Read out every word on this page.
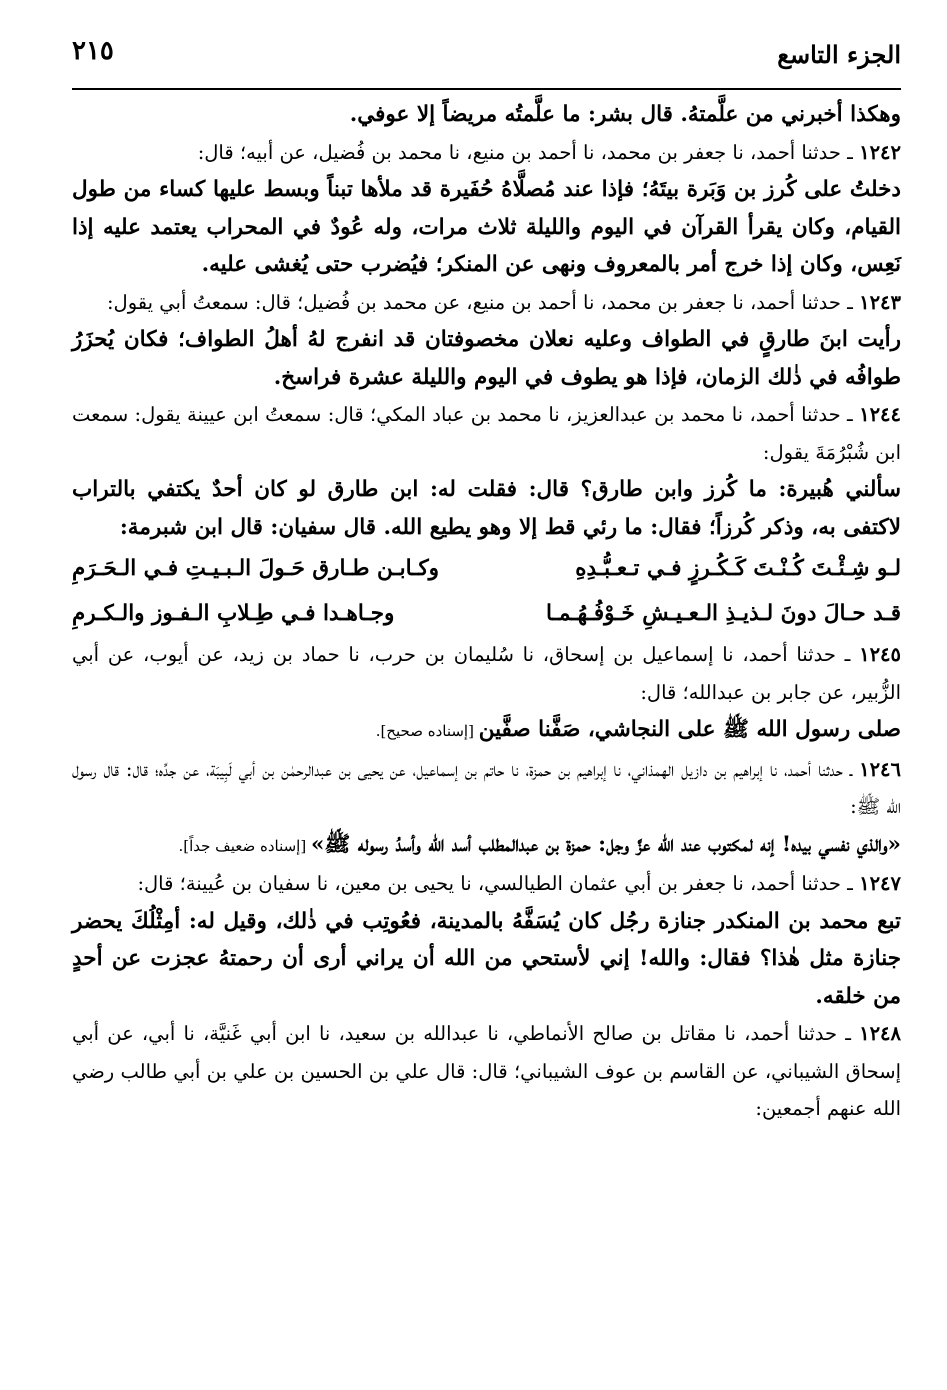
الجزء التاسع
٢١٥

وهكذا أخبرني من علَّمتهُ. قال بشر: ما علَّمتُه مريضاً إلا عوفي.

١٢٤٢ ـ حدثنا أحمد، نا جعفر بن محمد، نا أحمد بن منيع، نا محمد بن فُضيل، عن أبيه؛ قال:

دخلتُ على كُرز بن وَبَرة بيتَهُ؛ فإذا عند مُصلَّاهُ حُفَيرة قد ملأها تبناً وبسط عليها كساء من طول القيام، وكان يقرأ القرآن في اليوم والليلة ثلاث مرات، وله عُودٌ في المحراب يعتمد عليه إذا نَعِس، وكان إذا خرج أمر بالمعروف ونهى عن المنكر؛ فيُضرب حتى يُغشى عليه.

١٢٤٣ ـ حدثنا أحمد، نا جعفر بن محمد، نا أحمد بن منيع، عن محمد بن فُضيل؛ قال: سمعتُ أبي يقول:

رأيت ابنَ طارقٍ في الطواف وعليه نعلان مخصوفتان قد انفرج لهُ أهلُ الطواف؛ فكان يُحزَرُ طوافُه في ذٰلك الزمان، فإذا هو يطوف في اليوم والليلة عشرة فراسخ.

١٢٤٤ ـ حدثنا أحمد، نا محمد بن عبدالعزيز، نا محمد بن عباد المكي؛ قال: سمعتُ ابن عيينة يقول: سمعت ابن شُبْرُمَةَ يقول:

سألني هُبيرة: ما كُرز وابن طارق؟ قال: فقلت له: ابن طارق لو كان أحدٌ يكتفي بالتراب لاكتفى به، وذكر كُرزاً؛ فقال: ما رئي قط إلا وهو يطيع الله. قال سفيان: قال ابن شبرمة:

لـو شِـئْـتَ كُـنْـتَ كَـكُـرزٍ فـي تـعـبُّـدِهِ
وكـابـن طـارق حَـولَ الـبـيـتِ فـي الـحَـرَمِ
قـد حـالَ دونَ لـذيـذِ الـعـيـشِ خَـوْفُـهُـمـا
وجـاهـدا فـي طِـلابِ الـفـوز والـكـرمِ

١٢٤٥ ـ حدثنا أحمد، نا إسماعيل بن إسحاق، نا سُليمان بن حرب، نا حماد بن زيد، عن أيوب، عن أبي الزُّبير، عن جابر بن عبدالله؛ قال:

صلى رسول الله ﷺ على النجاشي، صَفَّنا صفَّين [إسناده صحيح].

١٢٤٦ ـ حدثنا أحمد، نا إبراهيم بن دازيل الهمذاني، نا إبراهيم بن حمزة، نا حاتم بن إسماعيل، عن يحيى بن عبدالرحمٰن بن أبي لَبِيبَة، عن جدِّه؛ قال: قال رسول الله ﷺ:

«والذي نفسي بيده! إنه لمكتوب عند الله عزَّ وجل: حمزة بن عبدالمطلب أسد الله وأسدُ رسوله ﷺ» [إسناده ضعيف جداً].

١٢٤٧ ـ حدثنا أحمد، نا جعفر بن أبي عثمان الطيالسي، نا يحيى بن معين، نا سفيان بن عُيينة؛ قال:

تبع محمد بن المنكدر جنازة رجُل كان يُسَفَّهُ بالمدينة، فعُوتِب في ذٰلك، وقيل له: أمِثْلُكَ يحضر جنازة مثل هٰذا؟ فقال: والله! إني لأستحي من الله أن يراني أرى أن رحمتهُ عجزت عن أحدٍ من خلقه.

١٢٤٨ ـ حدثنا أحمد، نا مقاتل بن صالح الأنماطي، نا عبدالله بن سعيد، نا ابن أبي غَنيَّة، نا أبي، عن أبي إسحاق الشيباني، عن القاسم بن عوف الشيباني؛ قال: قال علي بن الحسين بن علي بن أبي طالب رضي الله عنهم أجمعين:
